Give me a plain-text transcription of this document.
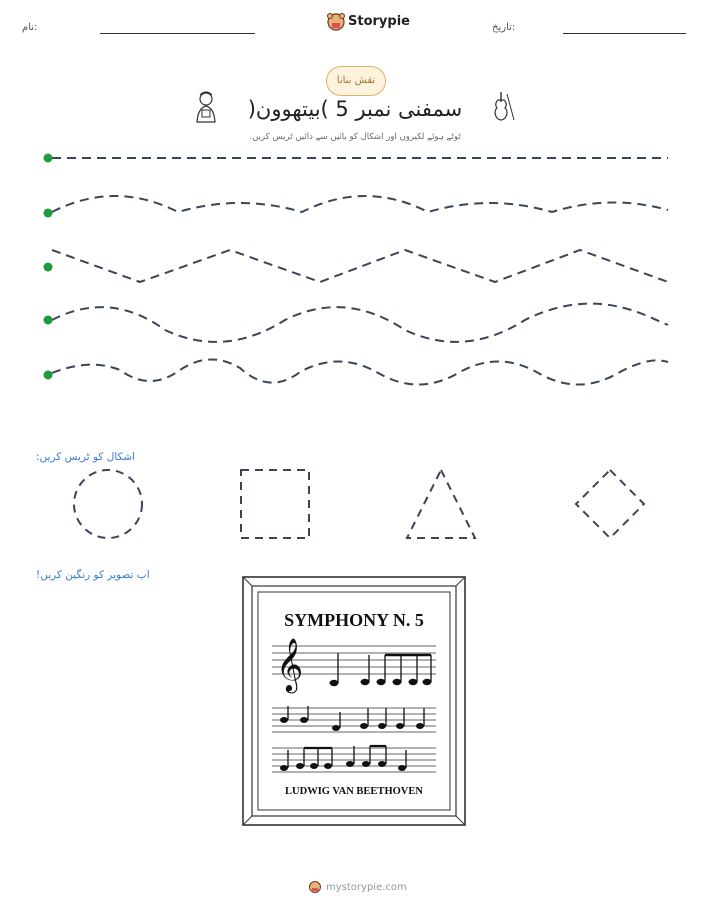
نام:	Storypie	تاریخ:
نقش بنانا
سمفنی نمبر 5 )بیتھوون(
ٹوٹے ہوئے لکیروں اور اشکال کو بائیں سے دائیں ٹریس کریں.
اشکال کو ٹریس کریں:
اب تصویر کو رنگین کریں!
𝄞
SYMPHONY N. 5
LUDWIG VAN BEETHOVEN
mystorypie.com
